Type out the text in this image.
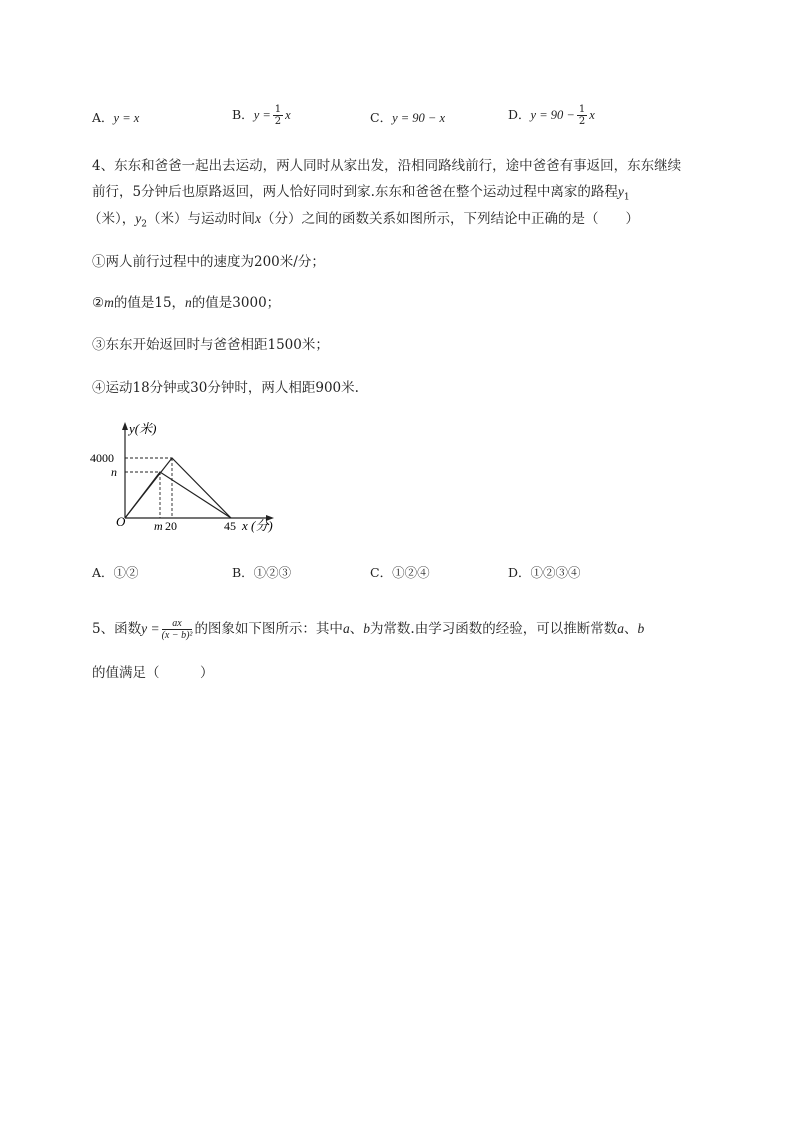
A．y = x	B．$y = \frac{1}{2}$ x	C．y = 90 − x	D．$y = 90 - \frac{1}{2}$ x
4、东东和爸爸一起出去运动，两人同时从家出发，沿相同路线前行，途中爸爸有事返回，东东继续
前行，5分钟后也原路返回，两人恰好同时到家.东东和爸爸在整个运动过程中离家的路程$y_1$
（米），$y_2$（米）与运动时间x（分）之间的函数关系如图所示，下列结论中正确的是（　　）
①两人前行过程中的速度为200米/分；
②m的值是15，n的值是3000；
③东东开始返回时与爸爸相距1500米；
④运动18分钟或30分钟时，两人相距900米.
y(米)
4000
n
O m 20	45 x (分)
A．①②	B．①②③	C．①②④	D．①②③④
5、函数$y = \frac{ax}{\text{(x − b)²}}$ 的图象如下图所示：其中a、b为常数.由学习函数的经验，可以推断常数a、b
的值满足（　　　）
